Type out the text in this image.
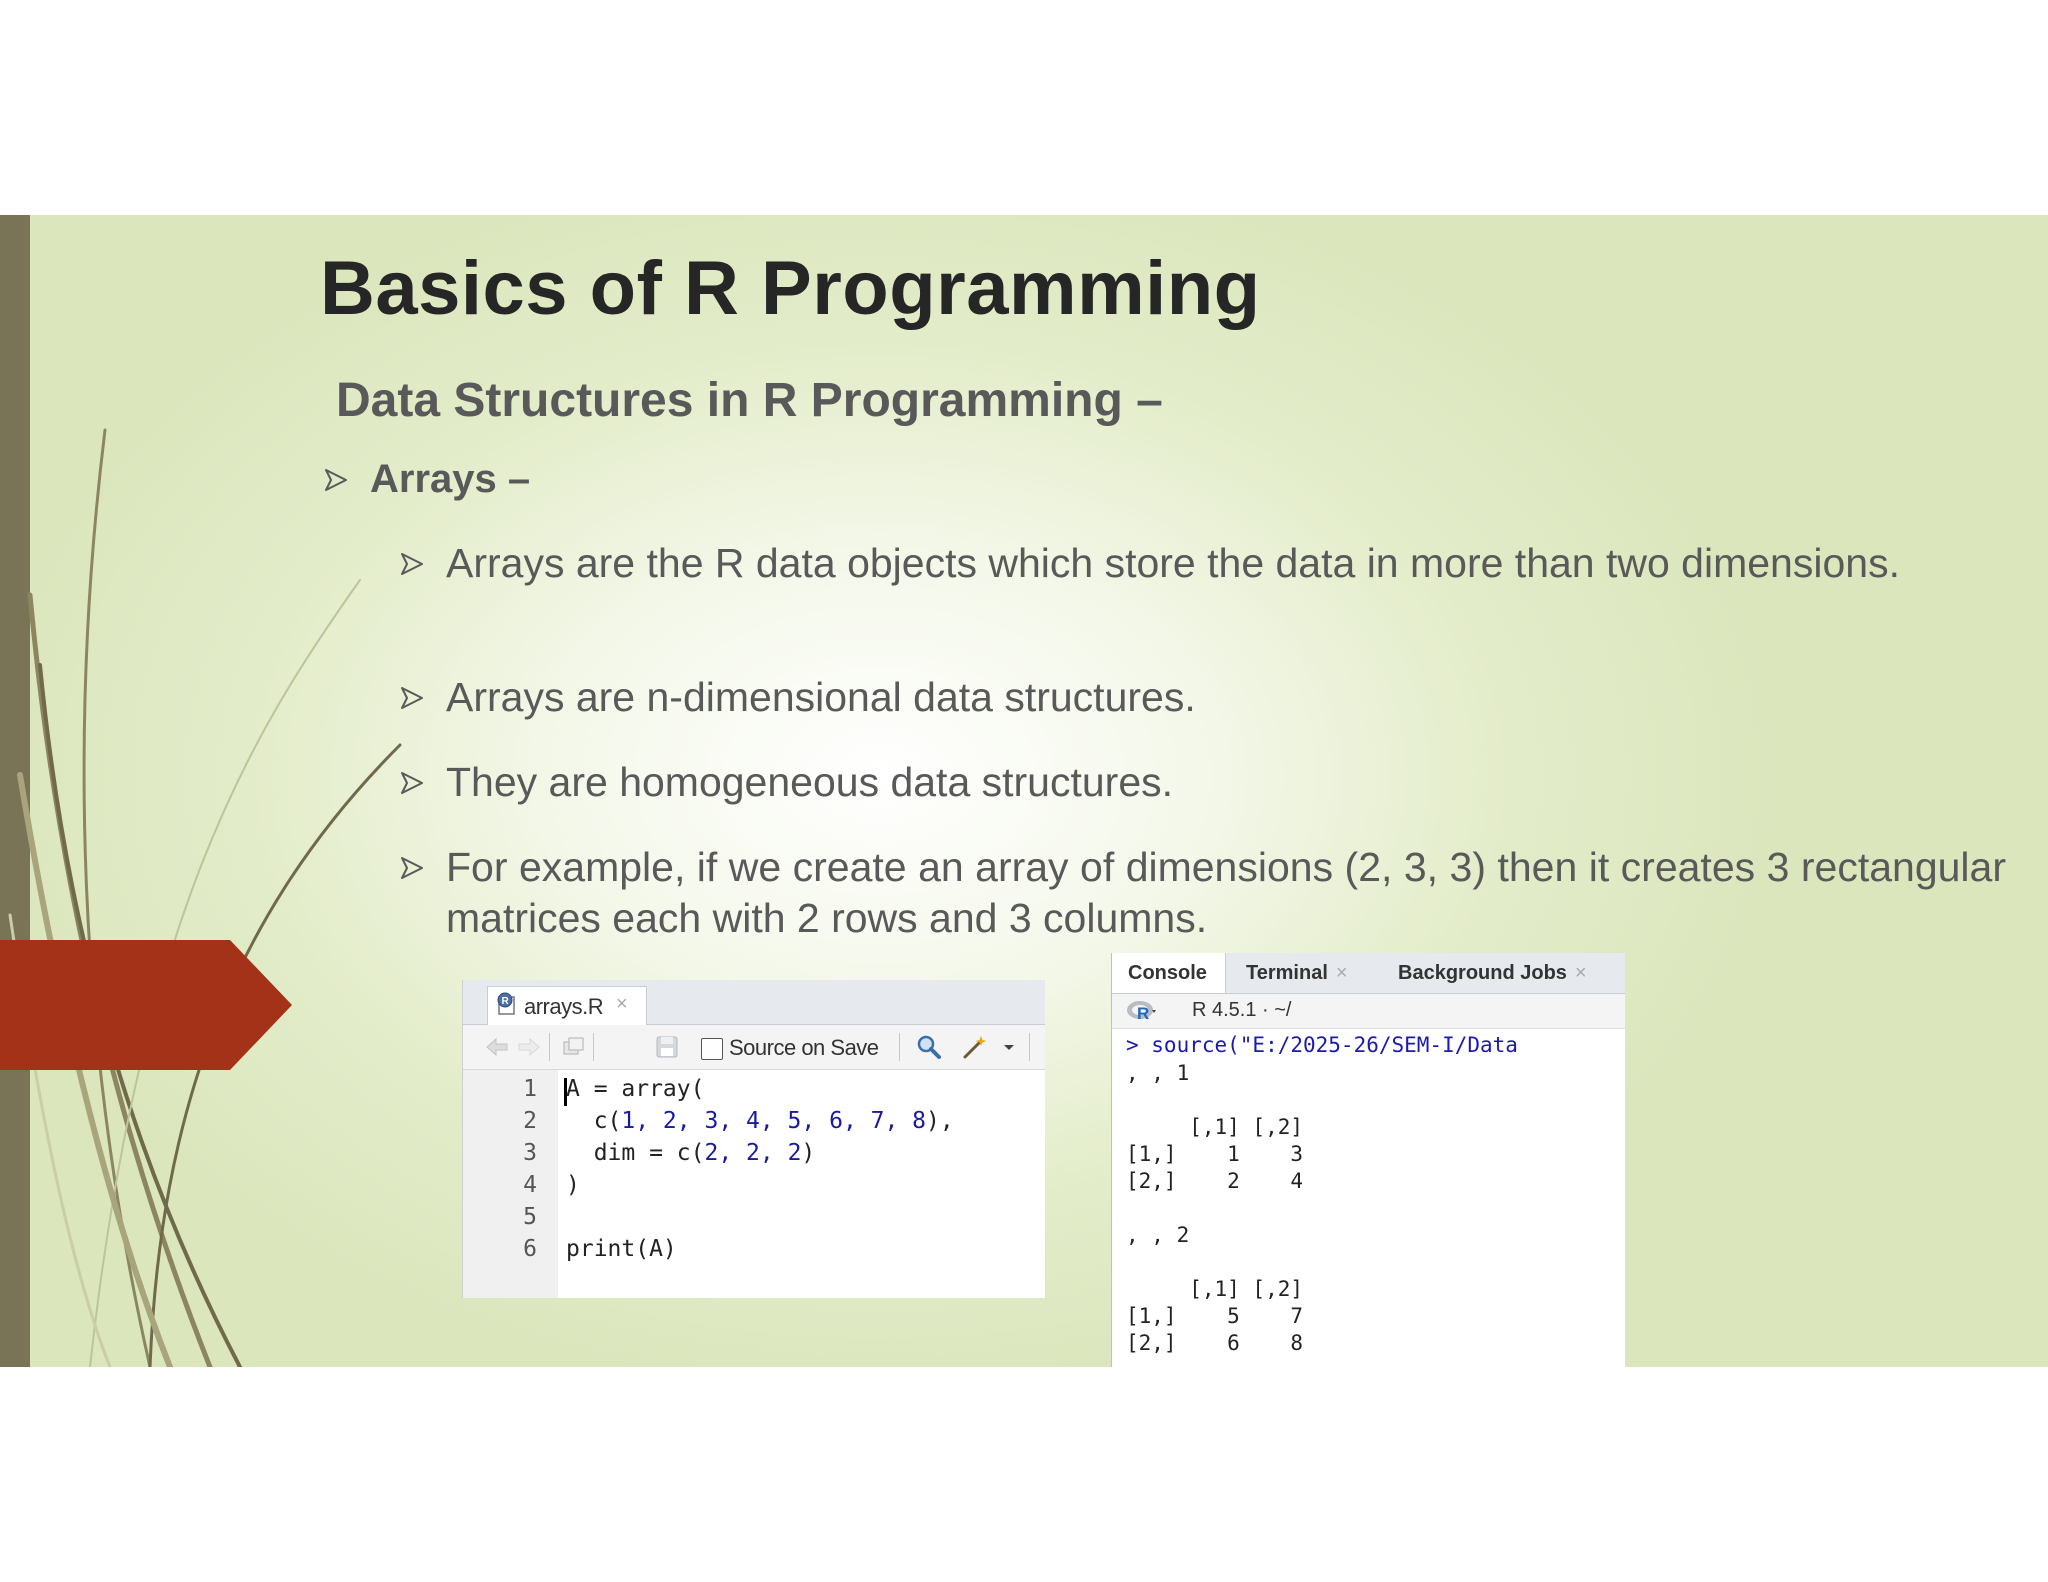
Basics of R Programming
Data Structures in R Programming –
Arrays –
Arrays are the R data objects which store the data in more than two dimensions.
Arrays are n-dimensional data structures.
They are homogeneous data structures.
For example, if we create an array of dimensions (2, 3, 3) then it creates 3 rectangular matrices each with 2 rows and 3 columns.
R arrays.R ×
Source on Save
1
2
3
4
5
6
A = array(
c(1, 2, 3, 4, 5, 6, 7, 8),
dim = c(2, 2, 2)
)
print(A)
Console	Terminal ×	Background Jobs ×
R R 4.5.1 · ~/
> source("E:/2025-26/SEM-I/Data
, , 1
[,1] [,2]
[1,]    1    3
[2,]    2    4
, , 2
[,1] [,2]
[1,]    5    7
[2,]    6    8
